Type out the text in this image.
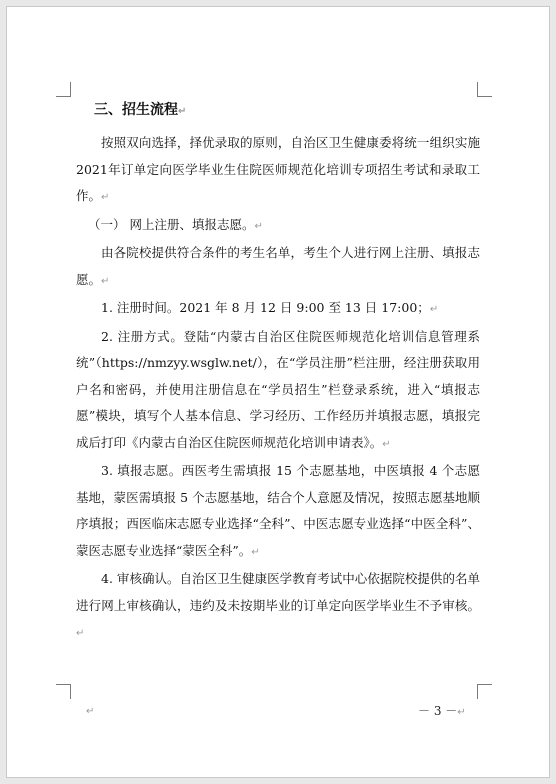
三、招生流程↵

按照双向选择，择优录取的原则，自治区卫生健康委将统一组织实施2021年订单定向医学毕业生住院医师规范化培训专项招生考试和录取工作。↵

（一） 网上注册、填报志愿。↵

由各院校提供符合条件的考生名单，考生个人进行网上注册、填报志愿。↵

1. 注册时间。2021 年 8 月 12 日 9:00 至 13 日 17:00；↵

2. 注册方式。登陆“内蒙古自治区住院医师规范化培训信息管理系统”（https://nmzyy.wsglw.net/），在“学员注册”栏注册，经注册获取用户名和密码，并使用注册信息在“学员招生”栏登录系统，进入“填报志愿”模块，填写个人基本信息、学习经历、工作经历并填报志愿，填报完成后打印《内蒙古自治区住院医师规范化培训申请表》。↵

3. 填报志愿。西医考生需填报 15 个志愿基地，中医填报 4 个志愿基地，蒙医需填报 5 个志愿基地，结合个人意愿及情况，按照志愿基地顺序填报；西医临床志愿专业选择“全科”、中医志愿专业选择“中医全科”、蒙医志愿专业选择“蒙医全科”。↵

4. 审核确认。自治区卫生健康医学教育考试中心依据院校提供的名单进行网上审核确认，违约及未按期毕业的订单定向医学毕业生不予审核。↵

↵	－ 3 －↵
